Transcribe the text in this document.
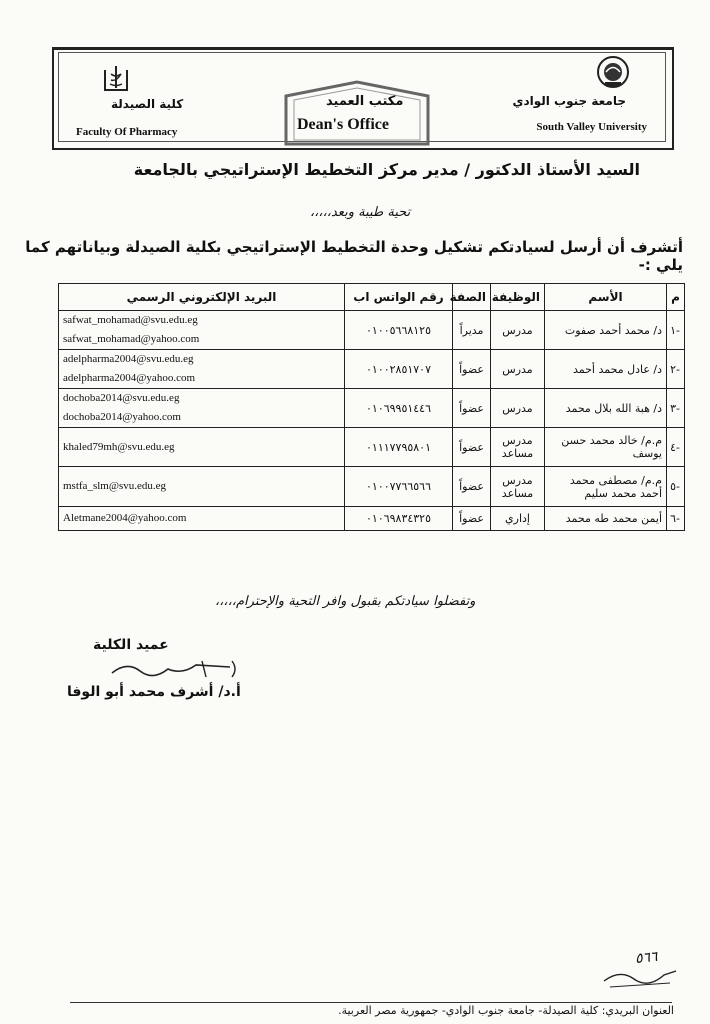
جامعة جنوب الوادي
South Valley University
كلية الصيدلة
Faculty Of Pharmacy
مكتب العميد
Dean's Office
السيد الأستاذ الدكتور / مدير مركز التخطيط الإستراتيجي بالجامعة
تحية طيبة وبعد،،،،،
أتشرف أن أرسل لسيادتكم تشكيل وحدة التخطيط الإستراتيجي بكلية الصيدلة وبياناتهم كما يلي :-
م	الأسم	الوظيفة	الصفة	رقم الواتس اب	البريد الإلكتروني الرسمي
-١	د/ محمد أحمد صفوت	مدرس	مديراً	٠١٠٠٥٦٦٨١٢٥	safwat_mohamad@svu.edu.eg
safwat_mohamad@yahoo.com

-٢	د/ عادل محمد أحمد	مدرس	عضواً	٠١٠٠٢٨٥١٧٠٧	adelpharma2004@svu.edu.eg
adelpharma2004@yahoo.com

-٣	د/ هبة الله بلال محمد	مدرس	عضواً	٠١٠٦٩٩٥١٤٤٦	dochoba2014@svu.edu.eg
dochoba2014@yahoo.com

-٤	م.م/ خالد محمد حسن يوسف	مدرس مساعد	عضواً	٠١١١٧٧٩٥٨٠١	khaled79mh@svu.edu.eg

-٥	م.م/ مصطفى محمد أحمد محمد سليم	مدرس مساعد	عضواً	٠١٠٠٧٧٦٦٥٦٦	mstfa_slm@svu.edu.eg

-٦	أيمن محمد طه محمد	إداري	عضواً	٠١٠٦٩٨٣٤٣٢٥	Aletmane2004@yahoo.com
وتفضلوا سيادتكم بقبول وافر التحية والإحترام،،،،،
عميد الكلية
أ.د/ أشرف محمد أبو الوفا
٥٦٦
العنوان البريدي: كلية الصيدلة- جامعة جنوب الوادي- جمهورية مصر العربية.
